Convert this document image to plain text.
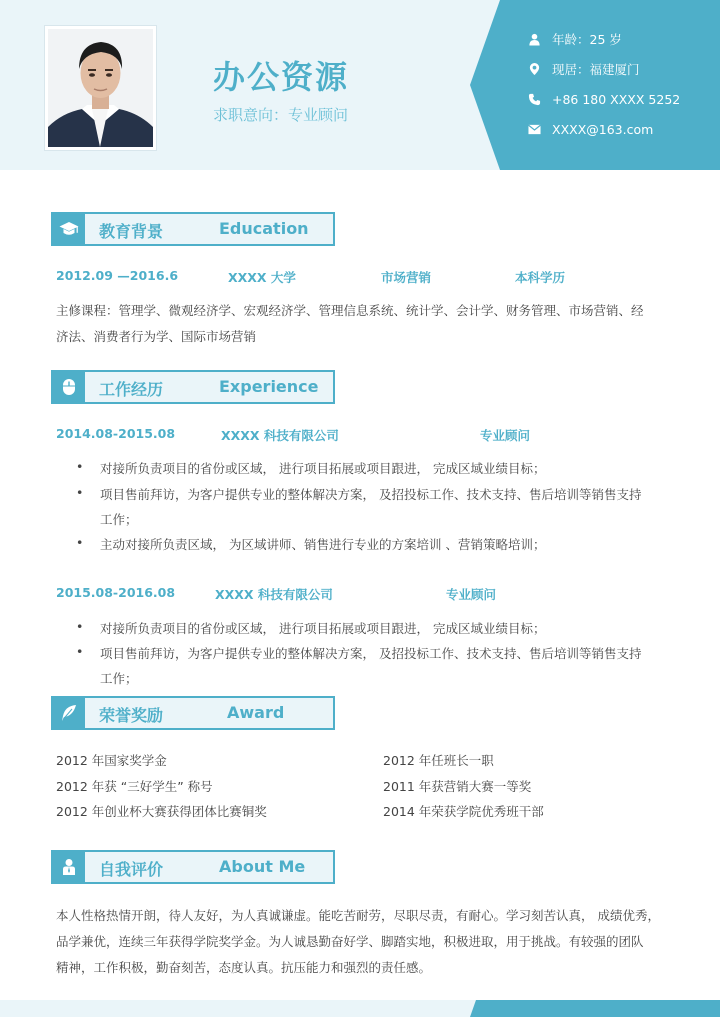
办公资源
求职意向：专业顾问
年龄：25 岁
现居：福建厦门
+86 180 XXXX 5252
XXXX@163.com
教育背景	Education
2012.09 —2016.6	XXXX 大学	市场营销	本科学历
主修课程：管理学、微观经济学、宏观经济学、管理信息系统、统计学、会计学、财务管理、市场营销、经
济法、消费者行为学、国际市场营销
工作经历	Experience
2014.08-2015.08	XXXX 科技有限公司	专业顾问
• 对接所负责项目的省份或区域， 进行项目拓展或项目跟进， 完成区域业绩目标；
• 项目售前拜访，为客户提供专业的整体解决方案， 及招投标工作、技术支持、售后培训等销售支持
工作；
• 主动对接所负责区域， 为区域讲师、销售进行专业的方案培训 、营销策略培训；
2015.08-2016.08	XXXX 科技有限公司	专业顾问
• 对接所负责项目的省份或区域， 进行项目拓展或项目跟进， 完成区域业绩目标；
• 项目售前拜访，为客户提供专业的整体解决方案， 及招投标工作、技术支持、售后培训等销售支持
工作；
荣誉奖励	Award
2012 年国家奖学金	2012 年任班长一职
2012 年获 “三好学生” 称号	2011 年获营销大赛一等奖
2012 年创业杯大赛获得团体比赛铜奖	2014 年荣获学院优秀班干部
自我评价	About Me
本人性格热情开朗，待人友好，为人真诚谦虚。能吃苦耐劳，尽职尽责，有耐心。学习刻苦认真， 成绩优秀，
品学兼优，连续三年获得学院奖学金。为人诚恳勤奋好学、脚踏实地，积极进取，用于挑战。有较强的团队
精神，工作积极，勤奋刻苦，态度认真。抗压能力和强烈的责任感。
